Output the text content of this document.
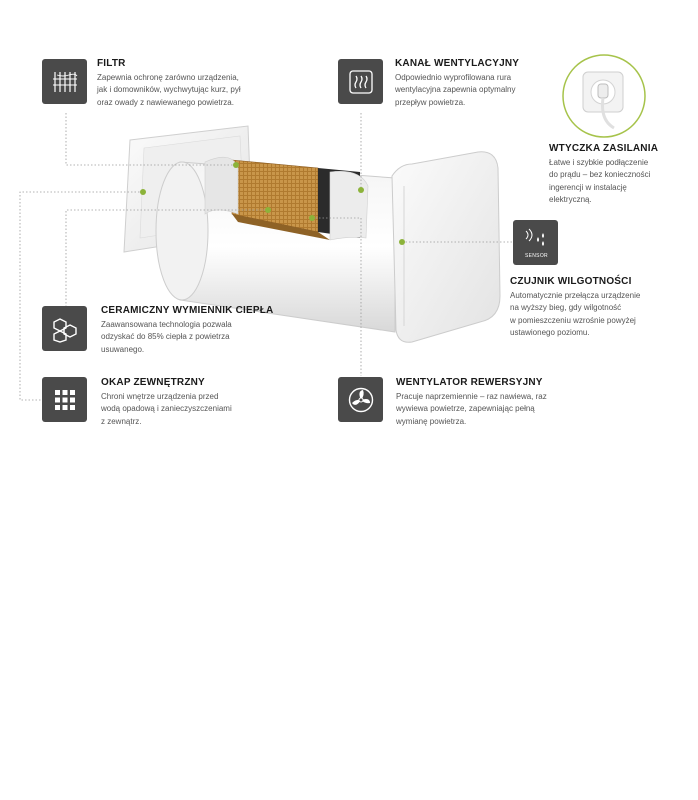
FILTR
Zapewnia ochronę zarówno urządzenia,
jak i domowników, wychwytując kurz, pył
oraz owady z nawiewanego powietrza.
KANAŁ WENTYLACYJNY
Odpowiednio wyprofilowana rura
wentylacyjna zapewnia optymalny
przepływ powietrza.
WTYCZKA ZASILANIA
Łatwe i szybkie podłączenie
do prądu – bez konieczności
ingerencji w instalację
elektryczną.
SENSOR
CZUJNIK WILGOTNOŚCI
Automatycznie przełącza urządzenie
na wyższy bieg, gdy wilgotność
w pomieszczeniu wzrośnie powyżej
ustawionego poziomu.
CERAMICZNY WYMIENNIK CIEPŁA
Zaawansowana technologia pozwala
odzyskać do 85% ciepła z powietrza
usuwanego.
OKAP ZEWNĘTRZNY
Chroni wnętrze urządzenia przed
wodą opadową i zanieczyszczeniami
z zewnątrz.
WENTYLATOR REWERSYJNY
Pracuje naprzemiennie – raz nawiewa, raz
wywiewa powietrze, zapewniając pełną
wymianę powietrza.
